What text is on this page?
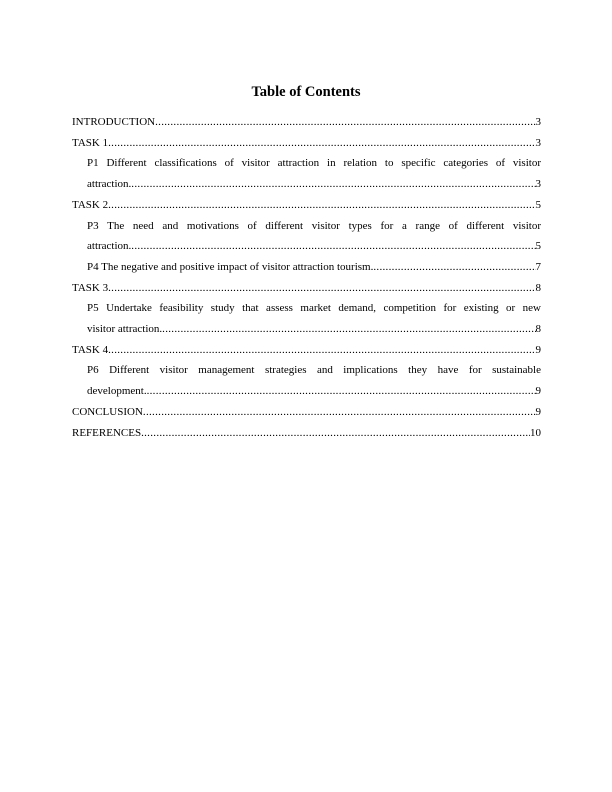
Table of Contents
INTRODUCTION .....	3
TASK 1 .....	3
P1 Different classifications of visitor attraction in relation to specific categories of visitor
attraction. .....	3
TASK 2 .....	5
P3 The need and motivations of different visitor types for a range of different visitor
attraction. .....	5
P4 The negative and positive impact of visitor attraction tourism. .....	7
TASK 3 .....	8
P5 Undertake feasibility study that assess market demand, competition for existing or new
visitor attraction. .....	8
TASK 4 .....	9
P6 Different visitor management strategies and implications they have for sustainable
development. .....	9
CONCLUSION .....	9
REFERENCES .....	10
